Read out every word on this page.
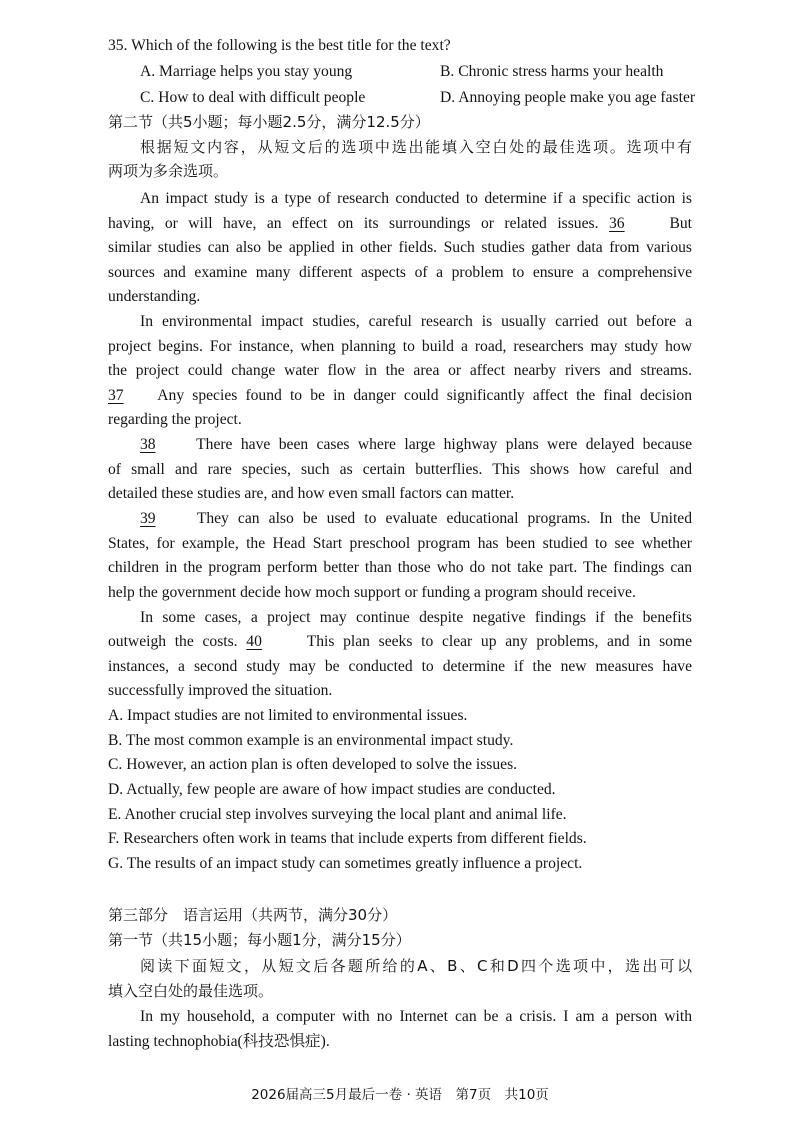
35. Which of the following is the best title for the text?
A. Marriage helps you stay young	B. Chronic stress harms your health
C. How to deal with difficult people	D. Annoying people make you age faster
第二节（共5小题；每小题2.5分，满分12.5分）
根据短文内容，从短文后的选项中选出能填入空白处的最佳选项。选项中有
两项为多余选项。
An impact study is a type of research conducted to determine if a specific action is
having, or will have, an effect on its surroundings or related issues. 36	But
similar studies can also be applied in other fields. Such studies gather data from various
sources and examine many different aspects of a problem to ensure a comprehensive
understanding.
In environmental impact studies, careful research is usually carried out before a
project begins. For instance, when planning to build a road, researchers may study how
the project could change water flow in the area or affect nearby rivers and streams.
37 Any species found to be in danger could significantly affect the final decision
regarding the project.
38	There have been cases where large highway plans were delayed because
of small and rare species, such as certain butterflies. This shows how careful and
detailed these studies are, and how even small factors can matter.
39	They can also be used to evaluate educational programs. In the United
States, for example, the Head Start preschool program has been studied to see whether
children in the program perform better than those who do not take part. The findings can
help the government decide how moch support or funding a program should receive.
In some cases, a project may continue despite negative findings if the benefits
outweigh the costs. 40	This plan seeks to clear up any problems, and in some
instances, a second study may be conducted to determine if the new measures have
successfully improved the situation.
A. Impact studies are not limited to environmental issues.
B. The most common example is an environmental impact study.
C. However, an action plan is often developed to solve the issues.
D. Actually, few people are aware of how impact studies are conducted.
E. Another crucial step involves surveying the local plant and animal life.
F. Researchers often work in teams that include experts from different fields.
G. The results of an impact study can sometimes greatly influence a project.
第三部分　语言运用（共两节，满分30分）
第一节（共15小题；每小题1分，满分15分）
阅读下面短文，从短文后各题所给的A、B、C和D四个选项中，选出可以
填入空白处的最佳选项。
In my household, a computer with no Internet can be a crisis. I am a person with
lasting technophobia(科技恐惧症).
2026届高三5月最后一卷 · 英语　第7页　共10页
